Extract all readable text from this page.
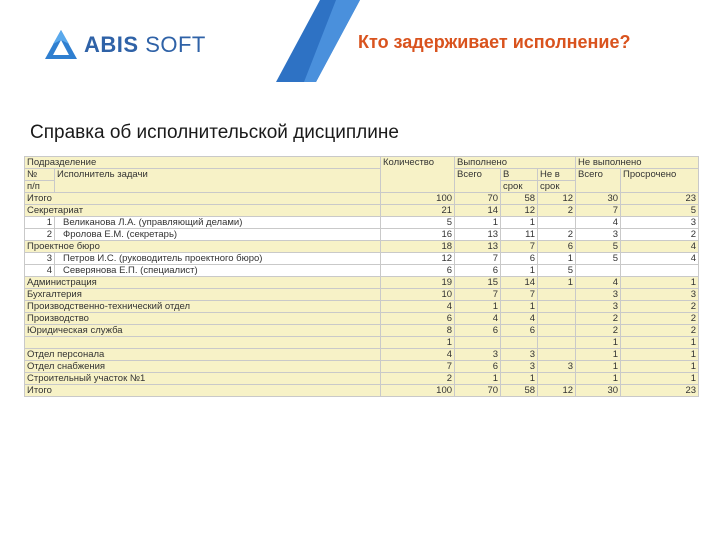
ABIS SOFT	Кто задерживает исполнение?
Справка об исполнительской дисциплине
Подразделение		Количество	Выполнено			Не выполнено	
№	Исполнитель задачи		Всего	В	Не в	Всего	Просрочено
п/п				срок	срок		
Итого		100	70	58	12	30	23
Секретариат		21	14	12	2	7	5
1	Великанова Л.А. (управляющий делами)	5	1	1		4	3
2	Фролова Е.М. (секретарь)	16	13	11	2	3	2
Проектное бюро		18	13	7	6	5	4
3	Петров И.С. (руководитель проектного бюро)	12	7	6	1	5	4
4	Северянова Е.П. (специалист)	6	6	1	5		
Администрация		19	15	14	1	4	1
Бухгалтерия		10	7	7		3	3
Производственно-технический отдел		4	1	1		3	2
Производство		6	4	4		2	2
Юридическая служба		8	6	6		2	2
		1				1	1
Отдел персонала		4	3	3		1	1
Отдел снабжения		7	6	3	3	1	1
Строительный участок №1		2	1	1		1	1
Итого		100	70	58	12	30	23
